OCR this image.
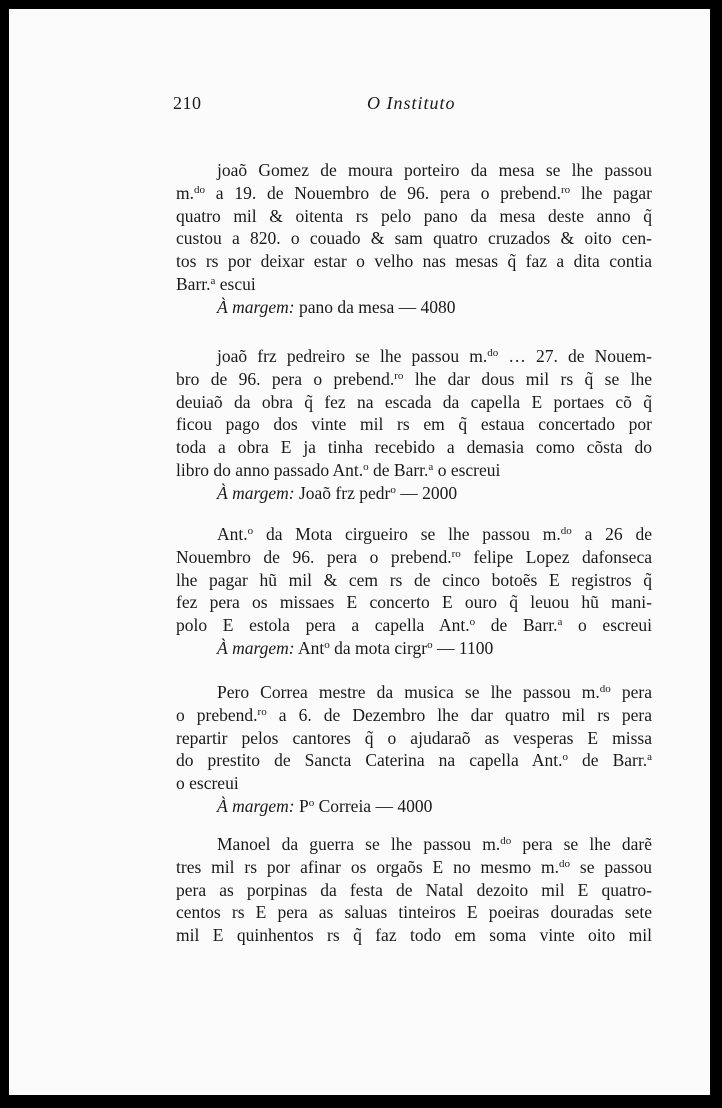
210	O Instituto
joaõ Gomez de moura porteiro da mesa se lhe passou
m.$^{do}$ a 19. de Nouembro de 96. pera o prebend.$^{ro}$ lhe pagar
quatro mil & oitenta rs pelo pano da mesa deste anno q̃
custou a 820. o couado & sam quatro cruzados & oito cen-
tos rs por deixar estar o velho nas mesas q̃ faz a dita contia
Barr.$^a$ escui
À margem: pano da mesa — 4080
joaõ frz pedreiro se lhe passou m.$^{do}$ … 27. de Nouem-
bro de 96. pera o prebend.$^{ro}$ lhe dar dous mil rs q̃ se lhe
deuiaõ da obra q̃ fez na escada da capella E portaes cõ q̃
ficou pago dos vinte mil rs em q̃ estaua concertado por
toda a obra E ja tinha recebido a demasia como cõsta do
libro do anno passado Ant.$^o$ de Barr.$^a$ o escreui
À margem: Joaõ frz pedr$^o$ — 2000
Ant.$^o$ da Mota cirgueiro se lhe passou m.$^{do}$ a 26 de
Nouembro de 96. pera o prebend.$^{ro}$ felipe Lopez dafonseca
lhe pagar hũ mil & cem rs de cinco botoẽs E registros q̃
fez pera os missaes E concerto E ouro q̃ leuou hũ mani-
polo E estola pera a capella Ant.$^o$ de Barr.$^a$ o escreui
À margem: Ant$^o$ da mota cirgr$^o$ — 1100
Pero Correa mestre da musica se lhe passou m.$^{do}$ pera
o prebend.$^{ro}$ a 6. de Dezembro lhe dar quatro mil rs pera
repartir pelos cantores q̃ o ajudaraõ as vesperas E missa
do prestito de Sancta Caterina na capella Ant.$^o$ de Barr.$^a$
o escreui
À margem: $P^o$ Correia — 4000
Manoel da guerra se lhe passou m.$^{do}$ pera se lhe darẽ
tres mil rs por afinar os orgaõs E no mesmo m.$^{do}$ se passou
pera as porpinas da festa de Natal dezoito mil E quatro-
centos rs E pera as saluas tinteiros E poeiras douradas sete
mil E quinhentos rs q̃ faz todo em soma vinte oito mil
